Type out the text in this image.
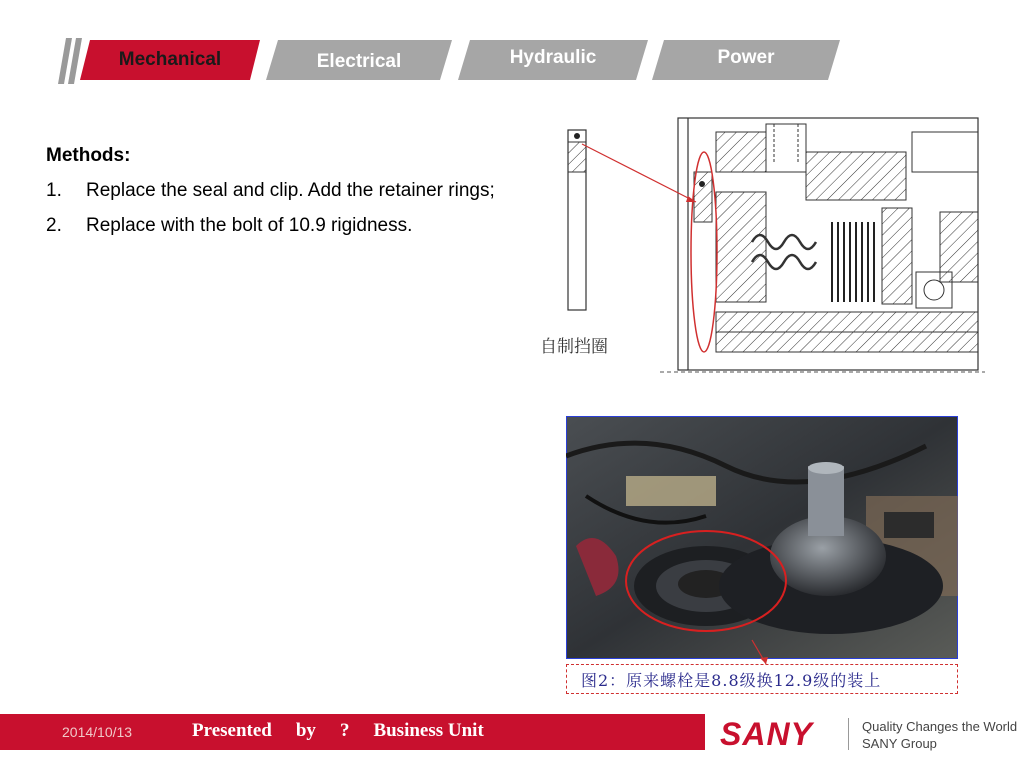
Mechanical	Electrical	Hydraulic	Power
Methods:
1.	Replace the seal and clip. Add the retainer rings;
2.	Replace with the bolt of 10.9 rigidness.
自制挡圈
图2：原来螺栓是8.8级换12.9级的装上
2014/10/13	Presented by ? Business Unit	SANY	Quality Changes the World
SANY Group
